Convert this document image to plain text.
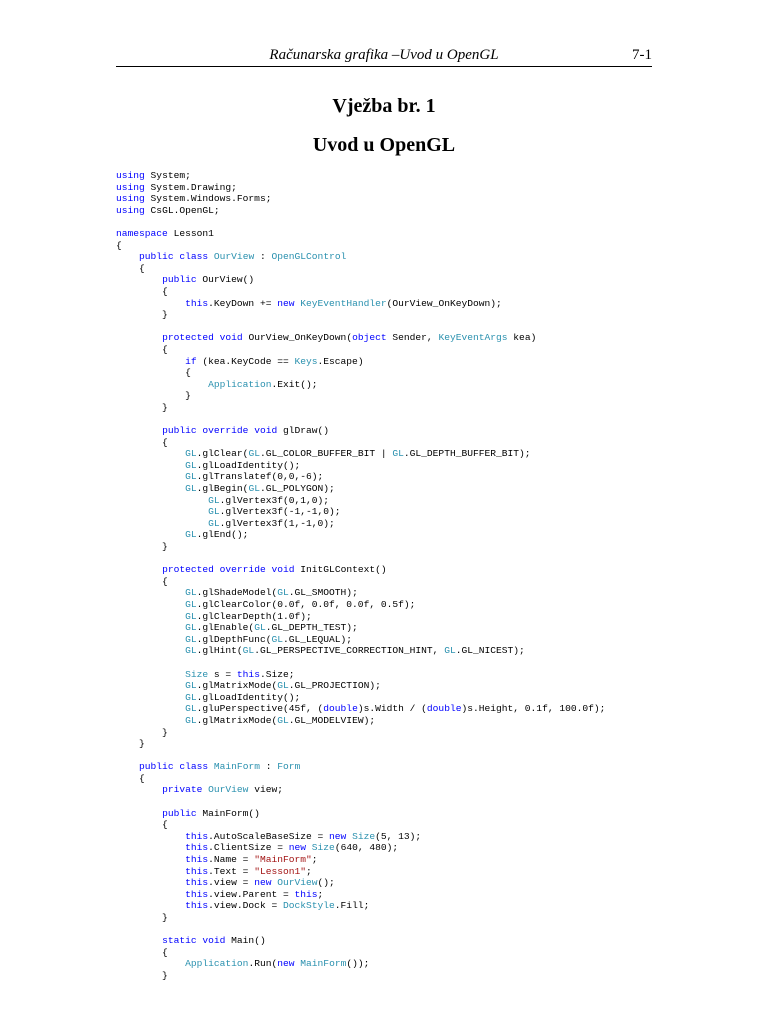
Računarska grafika –Uvod u OpenGL	7-1
Vježba br. 1
Uvod u OpenGL
using System;
using System.Drawing;
using System.Windows.Forms;
using CsGL.OpenGL;

namespace Lesson1
{
public class OurView : OpenGLControl
{
public OurView()
{
this.KeyDown += new KeyEventHandler(OurView_OnKeyDown);
}

protected void OurView_OnKeyDown(object Sender, KeyEventArgs kea)
{
if (kea.KeyCode == Keys.Escape)
{
Application.Exit();
}
}

public override void glDraw()
{
GL.glClear(GL.GL_COLOR_BUFFER_BIT | GL.GL_DEPTH_BUFFER_BIT);
GL.glLoadIdentity();
GL.glTranslatef(0,0,-6);
GL.glBegin(GL.GL_POLYGON);
GL.glVertex3f(0,1,0);
GL.glVertex3f(-1,-1,0);
GL.glVertex3f(1,-1,0);
GL.glEnd();
}

protected override void InitGLContext()
{
GL.glShadeModel(GL.GL_SMOOTH);
GL.glClearColor(0.0f, 0.0f, 0.0f, 0.5f);
GL.glClearDepth(1.0f);
GL.glEnable(GL.GL_DEPTH_TEST);
GL.glDepthFunc(GL.GL_LEQUAL);
GL.glHint(GL.GL_PERSPECTIVE_CORRECTION_HINT, GL.GL_NICEST);

Size s = this.Size;
GL.glMatrixMode(GL.GL_PROJECTION);
GL.glLoadIdentity();
GL.gluPerspective(45f, (double)s.Width / (double)s.Height, 0.1f, 100.0f);
GL.glMatrixMode(GL.GL_MODELVIEW);
}
}

public class MainForm : Form
{
private OurView view;

public MainForm()
{
this.AutoScaleBaseSize = new Size(5, 13);
this.ClientSize = new Size(640, 480);
this.Name = "MainForm";
this.Text = "Lesson1";
this.view = new OurView();
this.view.Parent = this;
this.view.Dock = DockStyle.Fill;
}

static void Main()
{
Application.Run(new MainForm());
}
